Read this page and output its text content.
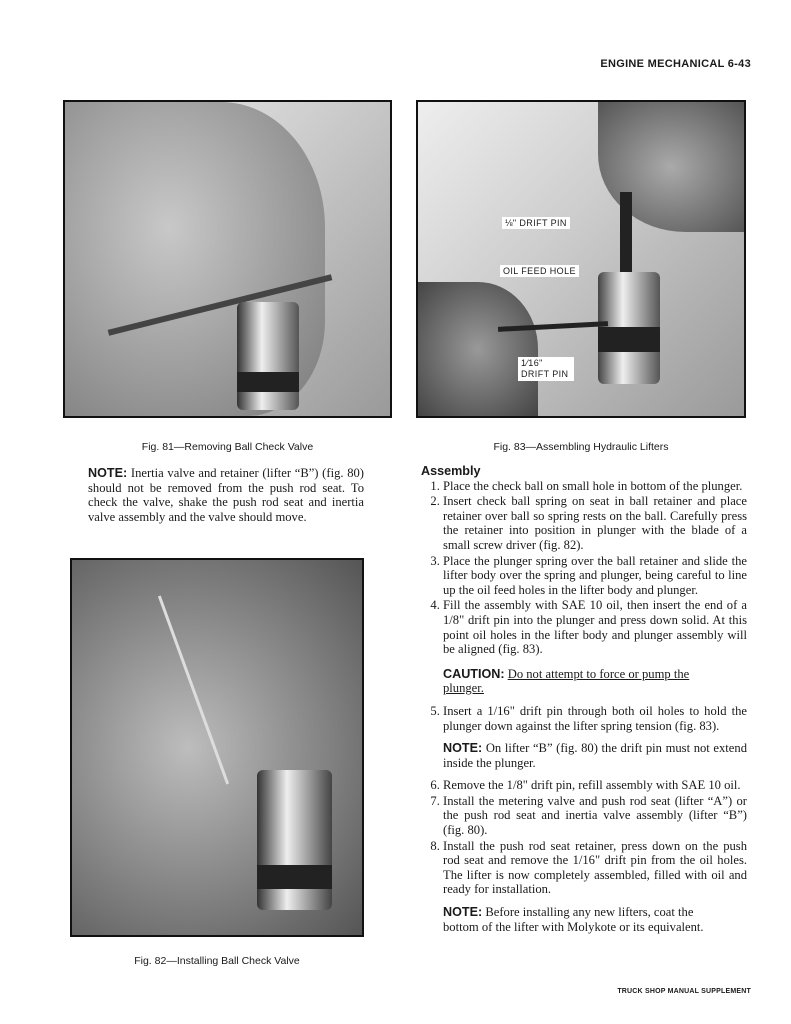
ENGINE MECHANICAL 6-43
Fig. 81—Removing Ball Check Valve
NOTE: Inertia valve and retainer (lifter “B”) (fig. 80) should not be removed from the push rod seat. To check the valve, shake the push rod seat and inertia valve assembly and the valve should move.
Fig. 82—Installing Ball Check Valve
⅛" DRIFT PIN
OIL FEED HOLE
1⁄16" DRIFT PIN
Fig. 83—Assembling Hydraulic Lifters
Assembly
1. Place the check ball on small hole in bottom of the plunger.
2. Insert check ball spring on seat in ball retainer and place retainer over ball so spring rests on the ball. Carefully press the retainer into position in plunger with the blade of a small screw driver (fig. 82).
3. Place the plunger spring over the ball retainer and slide the lifter body over the spring and plunger, being careful to line up the oil feed holes in the lifter body and plunger.
4. Fill the assembly with SAE 10 oil, then insert the end of a 1/8" drift pin into the plunger and press down solid. At this point oil holes in the lifter body and plunger assembly will be aligned (fig. 83).
CAUTION: Do not attempt to force or pump the plunger.
5. Insert a 1/16" drift pin through both oil holes to hold the plunger down against the lifter spring tension (fig. 83).
NOTE: On lifter “B” (fig. 80) the drift pin must not extend inside the plunger.
6. Remove the 1/8" drift pin, refill assembly with SAE 10 oil.
7. Install the metering valve and push rod seat (lifter “A”) or the push rod seat and inertia valve assembly (lifter “B”) (fig. 80).
8. Install the push rod seat retainer, press down on the push rod seat and remove the 1/16" drift pin from the oil holes. The lifter is now completely assembled, filled with oil and ready for installation.
NOTE: Before installing any new lifters, coat the bottom of the lifter with Molykote or its equivalent.
TRUCK SHOP MANUAL SUPPLEMENT
